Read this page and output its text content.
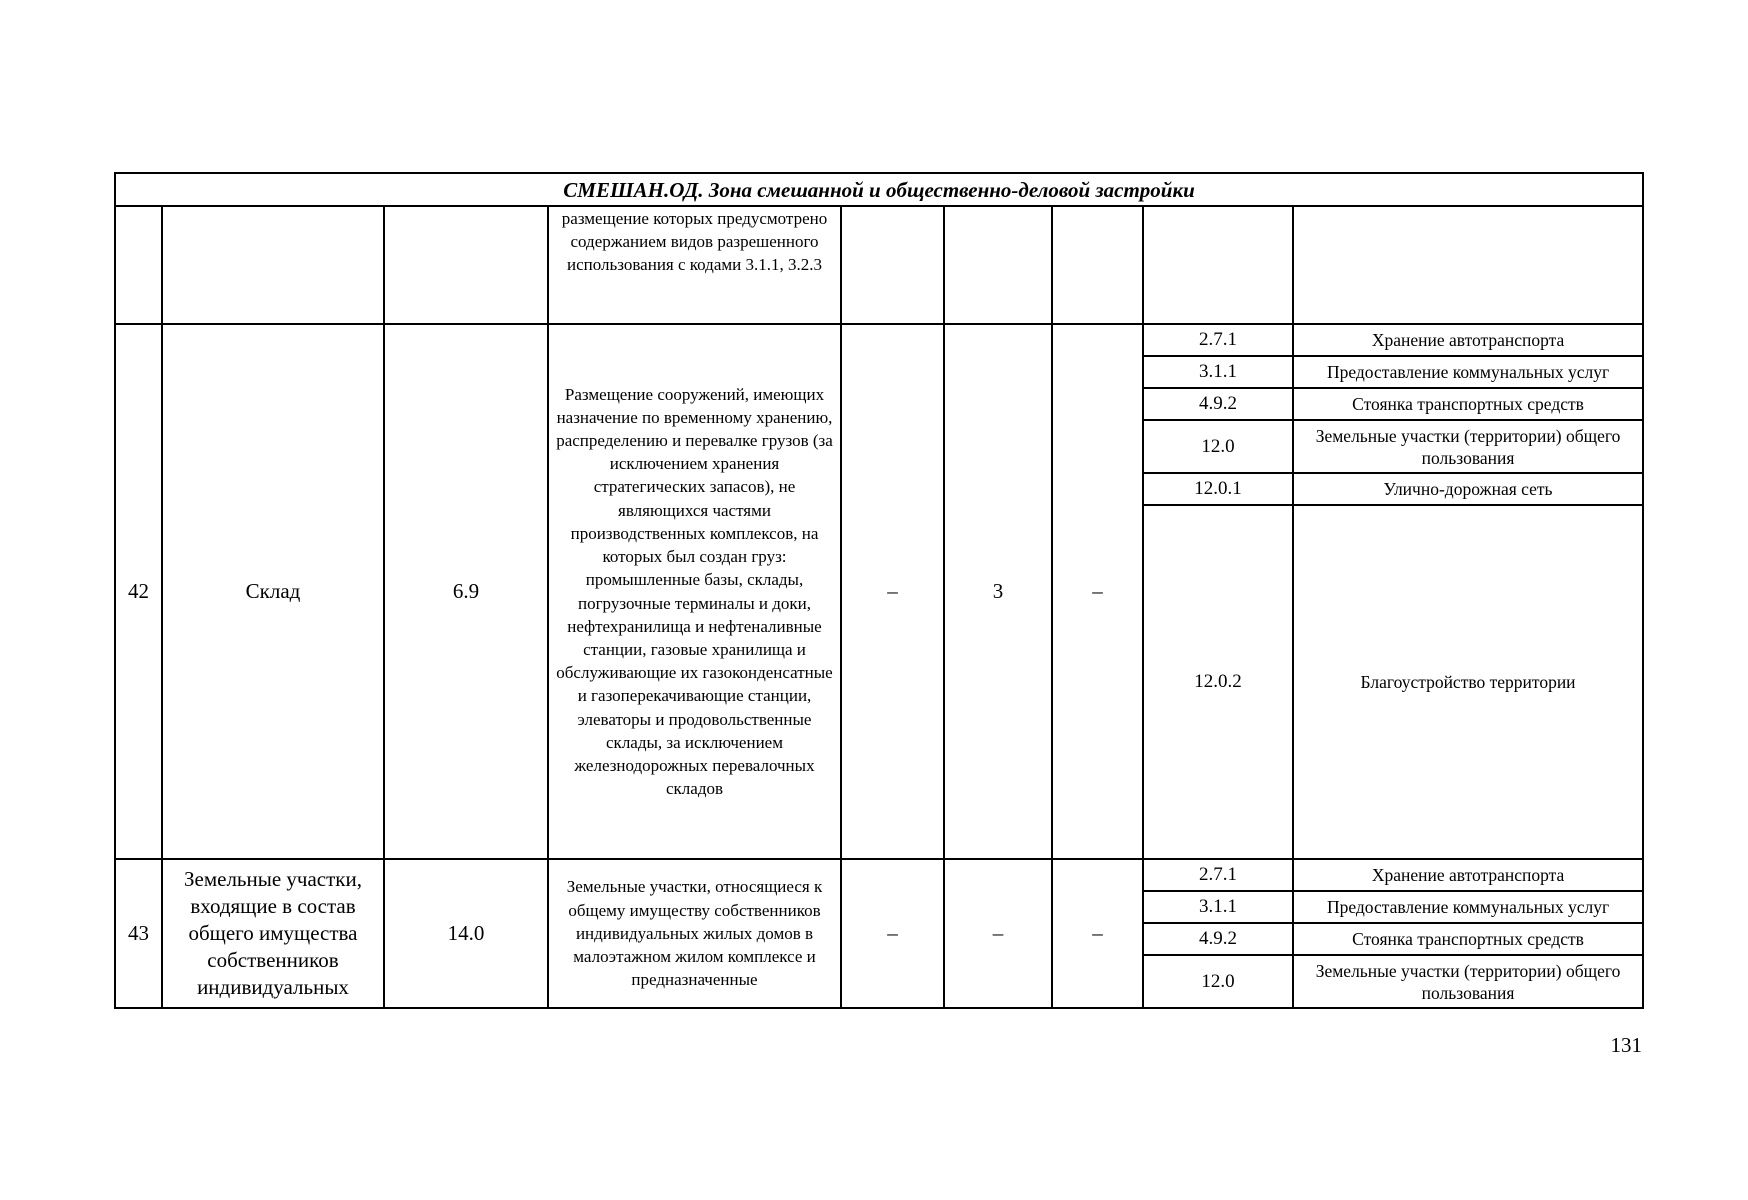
СМЕШАН.ОД. Зона смешанной и общественно-деловой застройки								
			размещение которых предусмотрено содержанием видов разрешенного использования с кодами 3.1.1, 3.2.3					
42	Склад	6.9	Размещение сооружений, имеющих назначение по временному хранению, распределению и перевалке грузов (за исключением хранения стратегических запасов), не являющихся частями производственных комплексов, на которых был создан груз: промышленные базы, склады, погрузочные терминалы и доки, нефтехранилища и нефтеналивные станции, газовые хранилища и обслуживающие их газоконденсатные и газоперекачивающие станции, элеваторы и продовольственные склады, за исключением железнодорожных перевалочных складов	–	3	–	2.7.1	Хранение автотранспорта
							3.1.1	Предоставление коммунальных услуг
							4.9.2	Стоянка транспортных средств
							12.0	Земельные участки (территории) общего пользования
							12.0.1	Улично-дорожная сеть
							12.0.2	Благоустройство территории
43	Земельные участки, входящие в состав общего имущества собственников индивидуальных	14.0	Земельные участки, относящиеся к общему имуществу собственников индивидуальных жилых домов в малоэтажном жилом комплексе и предназначенные	–	–	–	2.7.1	Хранение автотранспорта
							3.1.1	Предоставление коммунальных услуг
							4.9.2	Стоянка транспортных средств
							12.0	Земельные участки (территории) общего пользования
131
